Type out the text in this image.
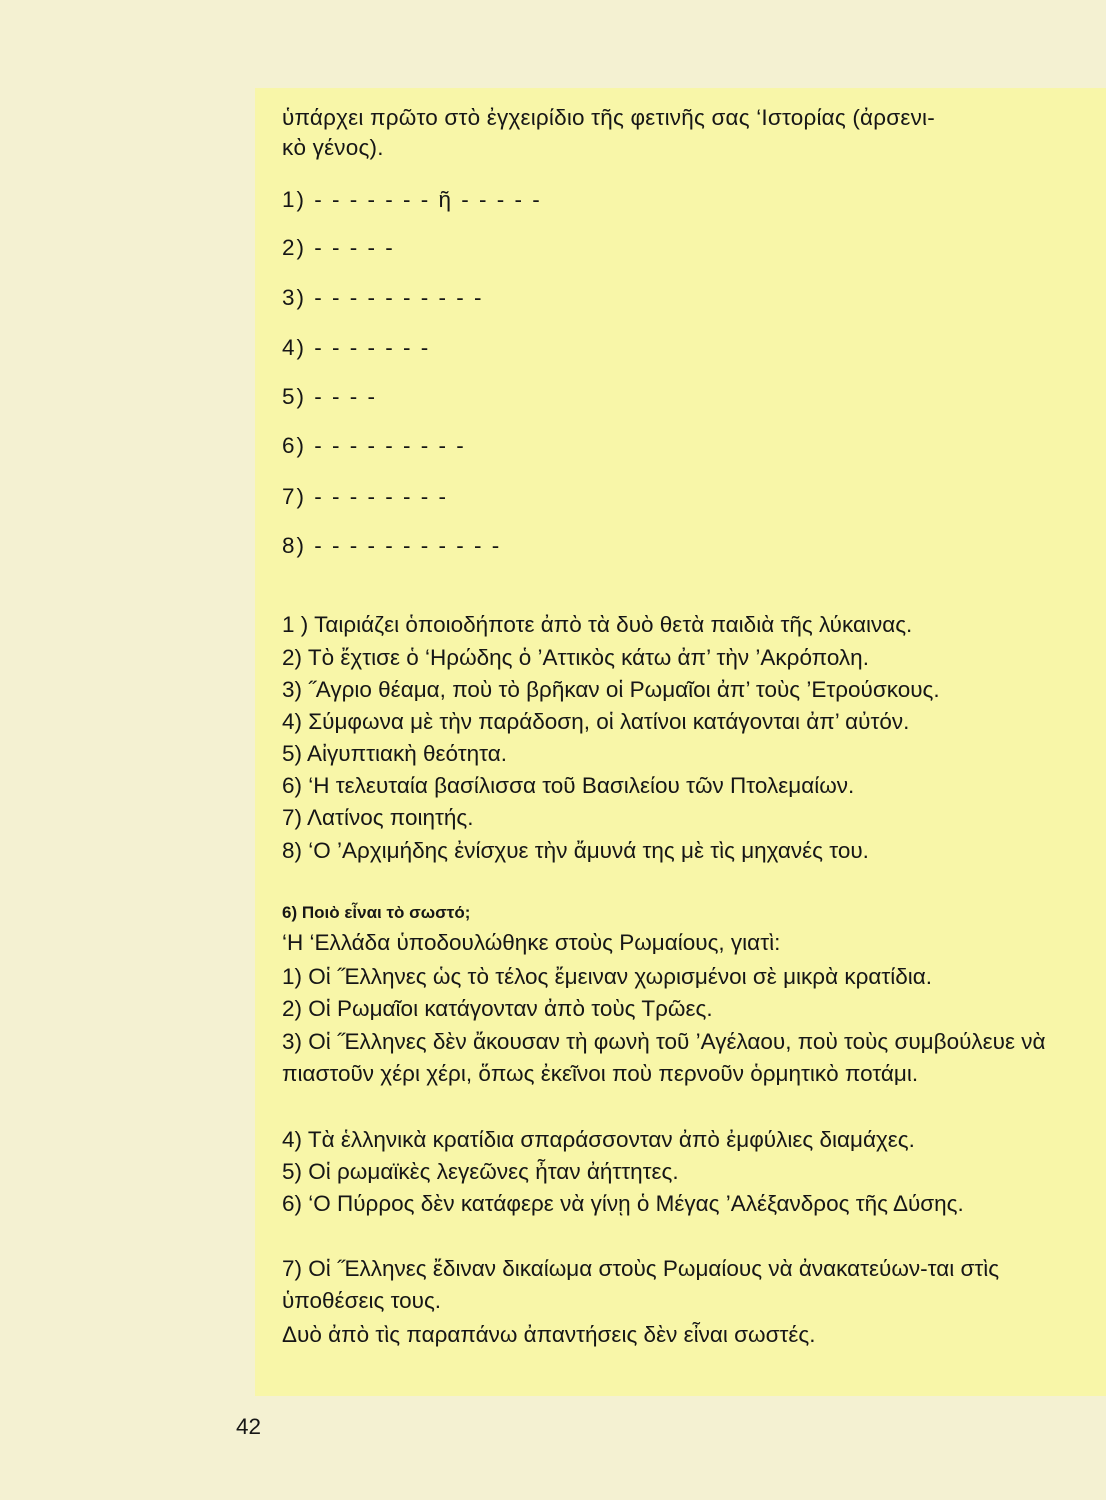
ὑπάρχει πρῶτο στὸ ἐγχειρίδιο τῆς φετινῆς σας ‘Ιστορίας (ἀρσενι-
κὸ γένος).
1) - - - - - - - ῆ - - - - -
2) - - - - -
3) - - - - - - - - - -
4) - - - - - - -
5) - - - -
6) - - - - - - - - -
7) - - - - - - - -
8) - - - - - - - - - - -
1 ) Ταιριάζει ὁποιοδήποτε ἀπὸ τὰ δυὸ θετὰ παιδιὰ τῆς λύκαινας.
2) Τὸ ἔχτισε ὁ ‘Ηρώδης ὁ ’Αττικὸς κάτω ἀπ’ τὴν ’Ακρόπολη.
3) ˝Αγριο θέαμα, ποὺ τὸ βρῆκαν οἱ Ρωμαῖοι ἀπ’ τοὺς ’Ετρούσκους.
4) Σύμφωνα μὲ τὴν παράδοση, οἱ λατίνοι κατάγονται ἀπ’ αὐτόν.
5) Αἰγυπτιακὴ θεότητα.
6) ‘Η τελευταία βασίλισσα τοῦ Βασιλείου τῶν Πτολεμαίων.
7) Λατίνος ποιητής.
8) ‘Ο ’Αρχιμήδης ἐνίσχυε τὴν ἄμυνά της μὲ τὶς μηχανές του.
6) Ποιὸ εἶναι τὸ σωστό;
‘Η ‘Ελλάδα ὑποδουλώθηκε στοὺς Ρωμαίους, γιατὶ:
1) Οἱ ˝Ελληνες ὡς τὸ τέλος ἔμειναν χωρισμένοι σὲ μικρὰ κρατίδια.
2) Οἱ Ρωμαῖοι κατάγονταν ἀπὸ τοὺς Τρῶες.
3) Οἱ ˝Ελληνες δὲν ἄκουσαν τὴ φωνὴ τοῦ ’Αγέλαου, ποὺ τοὺς συμβούλευε νὰ πιαστοῦν χέρι χέρι, ὅπως ἐκεῖνοι ποὺ περνοῦν ὁρμητικὸ ποτάμι.
4) Τὰ ἑλληνικὰ κρατίδια σπαράσσονταν ἀπὸ ἐμφύλιες διαμάχες.
5) Οἱ ρωμαϊκὲς λεγεῶνες ἦταν ἀήττητες.
6) ‘Ο Πύρρος δὲν κατάφερε νὰ γίνῃ ὁ Μέγας ’Αλέξανδρος τῆς Δύσης.
7) Οἱ ˝Ελληνες ἔδιναν δικαίωμα στοὺς Ρωμαίους νὰ ἀνακατεύων-ται στὶς ὑποθέσεις τους.
Δυὸ ἀπὸ τὶς παραπάνω ἀπαντήσεις δὲν εἶναι σωστές.
42
